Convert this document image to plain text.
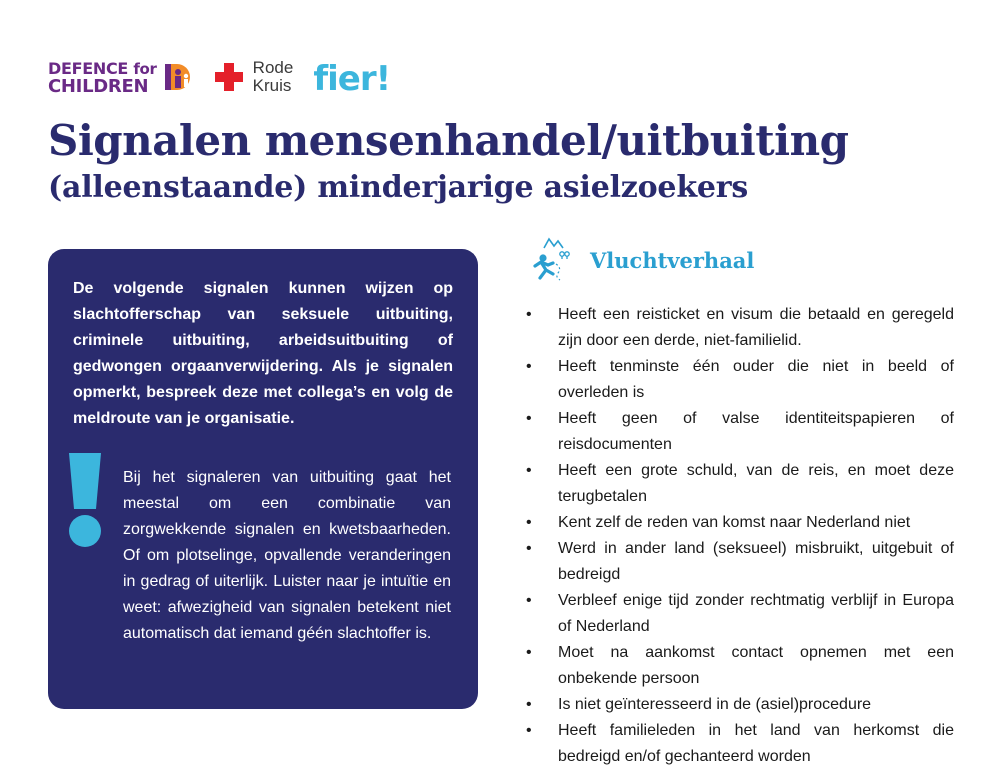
DEFENCE for
CHILDREN
Rode
Kruis fier!
Signalen mensenhandel/uitbuiting
(alleenstaande) minderjarige asielzoekers

De volgende signalen kunnen wijzen op slachtofferschap van seksuele uitbuiting, criminele uitbuiting, arbeidsuitbuiting of gedwongen orgaanverwijdering. Als je signalen opmerkt, bespreek deze met collega’s en volg de meldroute van je organisatie.

Bij het signaleren van uitbuiting gaat het meestal om een combinatie van zorgwekkende signalen en kwetsbaarheden. Of om plotselinge, opvallende veranderingen in gedrag of uiterlijk. Luister naar je intuïtie en weet: afwezigheid van signalen betekent niet automatisch dat iemand géén slachtoffer is.

Vluchtverhaal
• Heeft een reisticket en visum die betaald en geregeld zijn door een derde, niet-familielid.
• Heeft tenminste één ouder die niet in beeld of overleden is
• Heeft geen of valse identiteitspapieren of reisdocumenten
• Heeft een grote schuld, van de reis, en moet deze terugbetalen
• Kent zelf de reden van komst naar Nederland niet
• Werd in ander land (seksueel) misbruikt, uitgebuit of bedreigd
• Verbleef enige tijd zonder rechtmatig verblijf in Europa of Nederland
• Moet na aankomst contact opnemen met een onbekende persoon
• Is niet geïnteresseerd in de (asiel)procedure
• Heeft familieleden in het land van herkomst die bedreigd en/of gechanteerd worden
